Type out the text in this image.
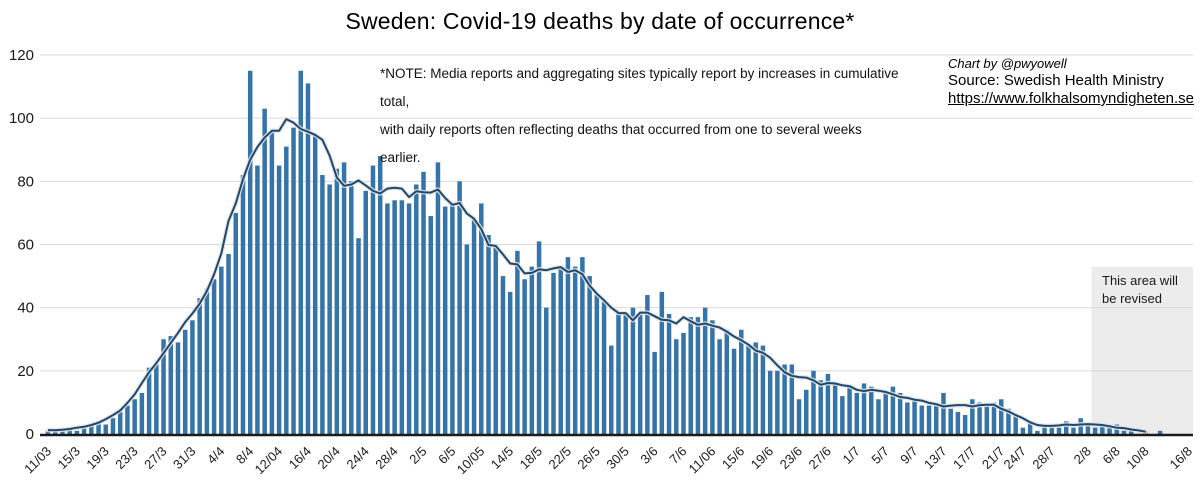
Sweden: Covid-19 deaths by date of occurrence*
*NOTE: Media reports and aggregating sites typically report by increases in cumulative total,
with daily reports often reflecting deaths that occurred from one to several weeks earlier.
Chart by @pwyowell
Source: Swedish Health Ministry
https://www.folkhalsomyndigheten.se
This area will be revised
0
20
40
60
80
100
120
11/03 15/3 19/3 23/3 27/3 31/3 4/4 8/4
12/04 16/4 20/4 24/4 28/4 2/5 6/5
10/05 14/5 18/5 22/5 26/5 30/5 3/6 7/6
11/06 15/6 19/6 23/6 27/6 1/7 5/7 9/7 13/7 17/7 21/7
24/7 28/7 2/8 6/8 10/8 16/8
